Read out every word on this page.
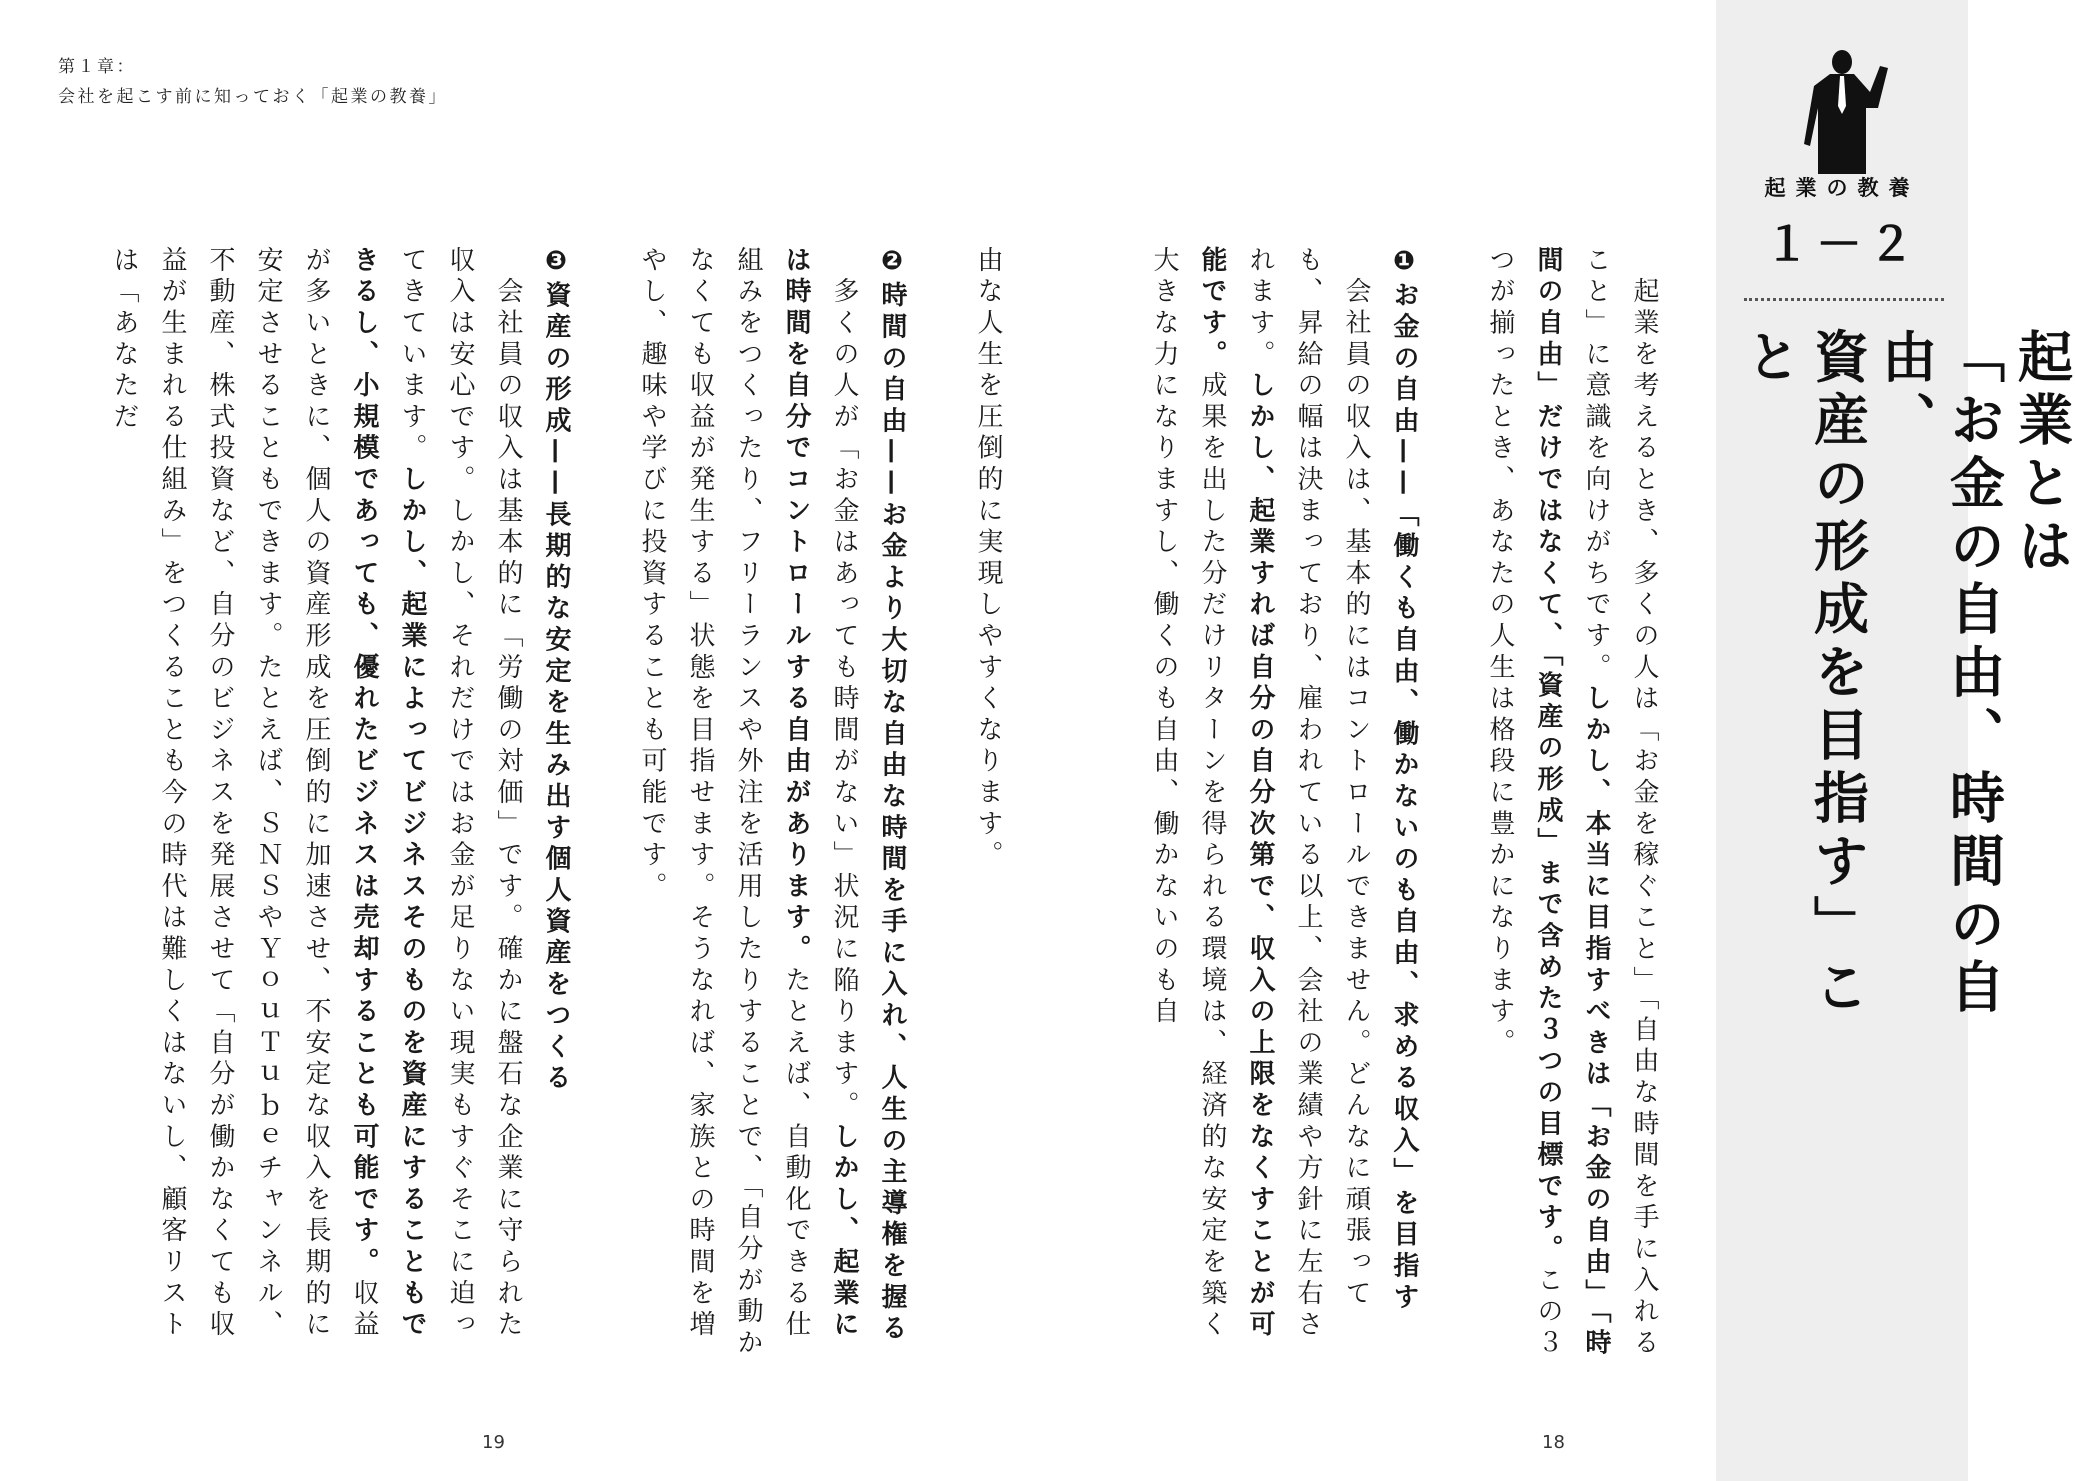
起業の教養
１－２

起業とは

「お金の自由、時間の自由、

資産の形成を目指す」こと

第１章：
会社を起こす前に知っておく「起業の教養」

　起業を考えるとき、多くの人は「お金を稼ぐこと」「自由な時間を手に入れること」に意識を向けがちです。しかし、本当に目指すべきは「お金の自由」「時間の自由」だけではなくて、「資産の形成」まで含めた３つの目標です。この３つが揃ったとき、あなたの人生は格段に豊かになります。

❶お金の自由——「働くも自由、働かないのも自由、求める収入」を目指す

　会社員の収入は、基本的にはコントロールできません。どんなに頑張っても、昇給の幅は決まっており、雇われている以上、会社の業績や方針に左右されます。しかし、起業すれば自分の自分次第で、収入の上限をなくすことが可能です。成果を出した分だけリターンを得られる環境は、経済的な安定を築く大きな力になりますし、働くのも自由、働かないのも自

由な人生を圧倒的に実現しやすくなります。

❷時間の自由——お金より大切な自由な時間を手に入れ、人生の主導権を握る

　多くの人が「お金はあっても時間がない」状況に陥ります。しかし、起業には時間を自分でコントロールする自由があります。たとえば、自動化できる仕組みをつくったり、フリーランスや外注を活用したりすることで、「自分が動かなくても収益が発生する」状態を目指せます。そうなれば、家族との時間を増やし、趣味や学びに投資することも可能です。

❸資産の形成——長期的な安定を生み出す個人資産をつくる

　会社員の収入は基本的に「労働の対価」です。確かに盤石な企業に守られた収入は安心です。しかし、それだけではお金が足りない現実もすぐそこに迫ってきています。しかし、起業によってビジネスそのものを資産にすることもできるし、小規模であっても、優れたビジネスは売却することも可能です。収益が多いときに、個人の資産形成を圧倒的に加速させ、不安定な収入を長期的に安定させることもできます。たとえば、ＳＮＳやＹｏｕＴｕｂｅチャンネル、不動産、株式投資など、自分のビジネスを発展させて「自分が働かなくても収益が生まれる仕組み」をつくることも今の時代は難しくはないし、顧客リストは「あなただ

19	18
